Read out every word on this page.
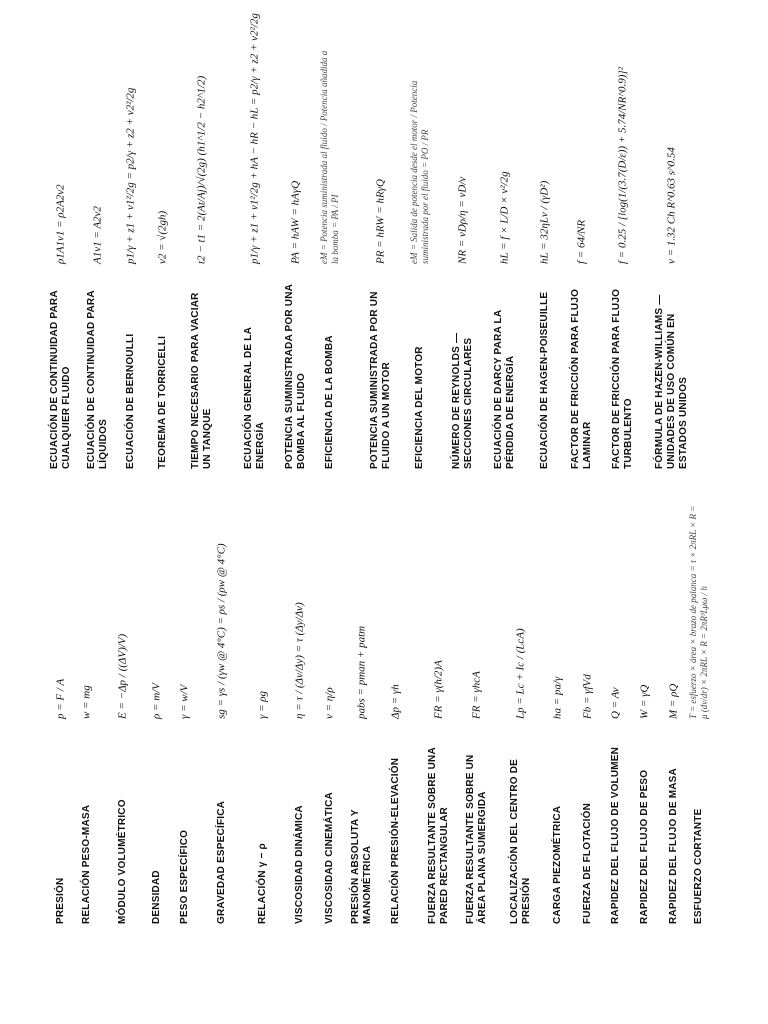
PRESIÓN
p = F / A
RELACIÓN PESO-MASA
w = mg
MÓDULO VOLUMÉTRICO
E = −Δp / ((ΔV)/V)
DENSIDAD
ρ = m/V
PESO ESPECÍFICO
γ = w/V
GRAVEDAD ESPECÍFICA
sg = γs / (γw @ 4°C) = ρs / (ρw @ 4°C)
RELACIÓN γ − ρ
γ = ρg
VISCOSIDAD DINÁMICA
η = τ / (Δv/Δy) = τ (Δy/Δv)
VISCOSIDAD CINEMÁTICA
ν = η/ρ
PRESIÓN ABSOLUTA Y MANOMÉTRICA
pabs = pman + patm
RELACIÓN PRESIÓN-ELEVACIÓN
Δp = γh
FUERZA RESULTANTE SOBRE UNA PARED RECTANGULAR
FR = γ(h/2)A
FUERZA RESULTANTE SOBRE UN ÁREA PLANA SUMERGIDA
FR = γhcA
LOCALIZACIÓN DEL CENTRO DE PRESIÓN
Lp = Lc + Ic / (LcA)
CARGA PIEZOMÉTRICA
ha = pa/γ
FUERZA DE FLOTACIÓN
Fb = γfVd
RAPIDEZ DEL FLUJO DE VOLUMEN
Q = Av
RAPIDEZ DEL FLUJO DE PESO
W = γQ
RAPIDEZ DEL FLUJO DE MASA
M = ρQ
ESFUERZO CORTANTE
T = esfuerzo × área × brazo de palanca = τ × 2πRL × R = μ (dv/dr) × 2πRL × R = 2πR³Lμω / h
ECUACIÓN DE CONTINUIDAD PARA CUALQUIER FLUIDO
ρ1A1v1 = ρ2A2v2
ECUACIÓN DE CONTINUIDAD PARA LÍQUIDOS
A1v1 = A2v2
ECUACIÓN DE BERNOULLI
p1/γ + z1 + v1²/2g = p2/γ + z2 + v2²/2g
TEOREMA DE TORRICELLI
v2 = √(2gh)
TIEMPO NECESARIO PARA VACIAR UN TANQUE
t2 − t1 = 2(At/Aj)/√(2g) (h1^1/2 − h2^1/2)
ECUACIÓN GENERAL DE LA ENERGÍA
p1/γ + z1 + v1²/2g + hA − hR − hL = p2/γ + z2 + v2²/2g
POTENCIA SUMINISTRADA POR UNA BOMBA AL FLUIDO
PA = hAW = hAγQ
EFICIENCIA DE LA BOMBA
eM = Potencia suministrada al fluido / Potencia añadida a la bomba = PA / PI
POTENCIA SUMINISTRADA POR UN FLUIDO A UN MOTOR
PR = hRW = hRγQ
EFICIENCIA DEL MOTOR
eM = Salida de potencia desde el motor / Potencia suministrada por el fluido = PO / PR
NÚMERO DE REYNOLDS —SECCIONES CIRCULARES
NR = vDρ/η = vD/ν
ECUACIÓN DE DARCY PARA LA PÉRDIDA DE ENERGÍA
hL = f × L/D × v²/2g
ECUACIÓN DE HAGEN-POISEUILLE
hL = 32ηLv / (γD²)
FACTOR DE FRICCIÓN PARA FLUJO LAMINAR
f = 64/NR
FACTOR DE FRICCIÓN PARA FLUJO TURBULENTO
f = 0.25 / [log(1/(3.7(D/ε)) + 5.74/NR^0.9)]²
FÓRMULA DE HAZEN-WILLIAMS —UNIDADES DE USO COMÚN EN ESTADOS UNIDOS
v = 1.32 Ch R^0.63 s^0.54
